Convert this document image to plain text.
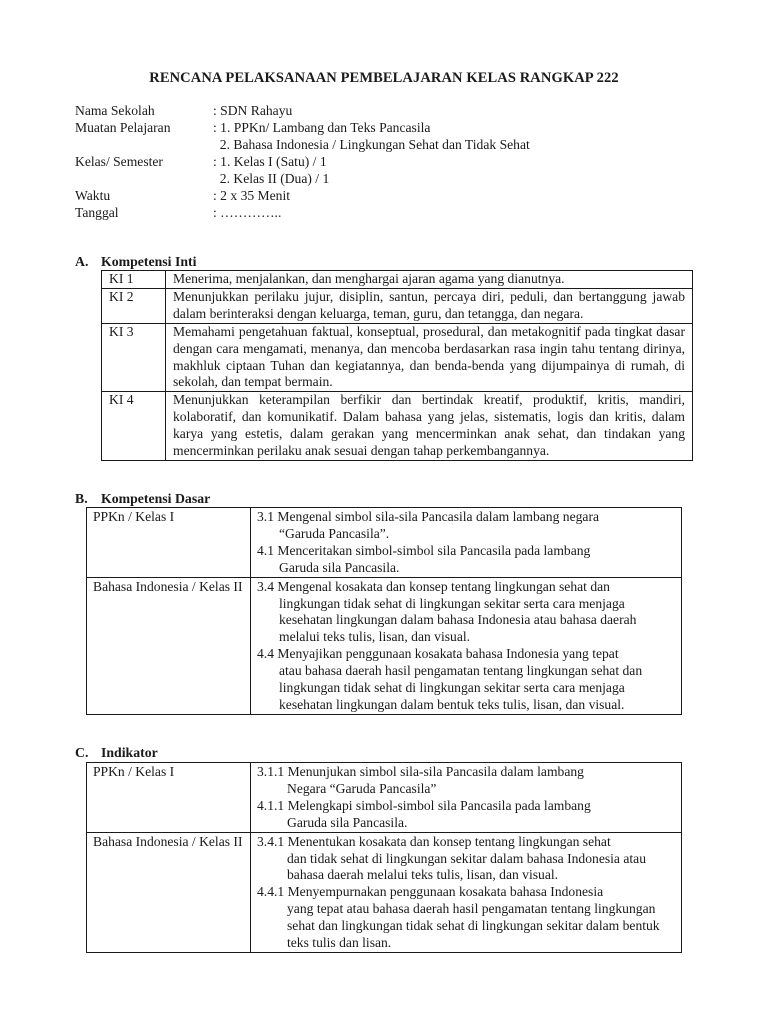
RENCANA PELAKSANAAN PEMBELAJARAN KELAS RANGKAP 222
Nama Sekolah	: SDN Rahayu
Muatan Pelajaran	: 1. PPKn/ Lambang dan Teks Pancasila
2. Bahasa Indonesia / Lingkungan Sehat dan Tidak Sehat
Kelas/ Semester	: 1. Kelas I (Satu) / 1
2. Kelas II (Dua) / 1
Waktu	: 2 x 35 Menit
Tanggal	: …………..
A. Kompetensi Inti
KI 1	Menerima, menjalankan, dan menghargai ajaran agama yang dianutnya.
KI 2	Menunjukkan perilaku jujur, disiplin, santun, percaya diri, peduli, dan bertanggung jawab dalam berinteraksi dengan keluarga, teman, guru, dan tetangga, dan negara.
KI 3	Memahami pengetahuan faktual, konseptual, prosedural, dan metakognitif pada tingkat dasar dengan cara mengamati, menanya, dan mencoba berdasarkan rasa ingin tahu tentang dirinya, makhluk ciptaan Tuhan dan kegiatannya, dan benda-benda yang dijumpainya di rumah, di sekolah, dan tempat bermain.
KI 4	Menunjukkan keterampilan berfikir dan bertindak kreatif, produktif, kritis, mandiri, kolaboratif, dan komunikatif. Dalam bahasa yang jelas, sistematis, logis dan kritis, dalam karya yang estetis, dalam gerakan yang mencerminkan anak sehat, dan tindakan yang mencerminkan perilaku anak sesuai dengan tahap perkembangannya.
B. Kompetensi Dasar
PPKn / Kelas I	3.1 Mengenal simbol sila-sila Pancasila dalam lambang negara
“Garuda Pancasila”.
4.1 Menceritakan simbol-simbol sila Pancasila pada lambang
Garuda sila Pancasila.

Bahasa Indonesia / Kelas II	3.4 Mengenal kosakata dan konsep tentang lingkungan sehat dan
lingkungan tidak sehat di lingkungan sekitar serta cara menjaga kesehatan lingkungan dalam bahasa Indonesia atau bahasa daerah melalui teks tulis, lisan, dan visual.
4.4 Menyajikan penggunaan kosakata bahasa Indonesia yang tepat
atau bahasa daerah hasil pengamatan tentang lingkungan sehat dan lingkungan tidak sehat di lingkungan sekitar serta cara menjaga kesehatan lingkungan dalam bentuk teks tulis, lisan, dan visual.
C. Indikator
PPKn / Kelas I	3.1.1 Menunjukan simbol sila-sila Pancasila dalam lambang
Negara “Garuda Pancasila”
4.1.1 Melengkapi simbol-simbol sila Pancasila pada lambang
Garuda sila Pancasila.

Bahasa Indonesia / Kelas II	3.4.1 Menentukan kosakata dan konsep tentang lingkungan sehat
dan tidak sehat di lingkungan sekitar dalam bahasa Indonesia atau bahasa daerah melalui teks tulis, lisan, dan visual.
4.4.1 Menyempurnakan penggunaan kosakata bahasa Indonesia
yang tepat atau bahasa daerah hasil pengamatan tentang lingkungan sehat dan lingkungan tidak sehat di lingkungan sekitar dalam bentuk teks tulis dan lisan.
